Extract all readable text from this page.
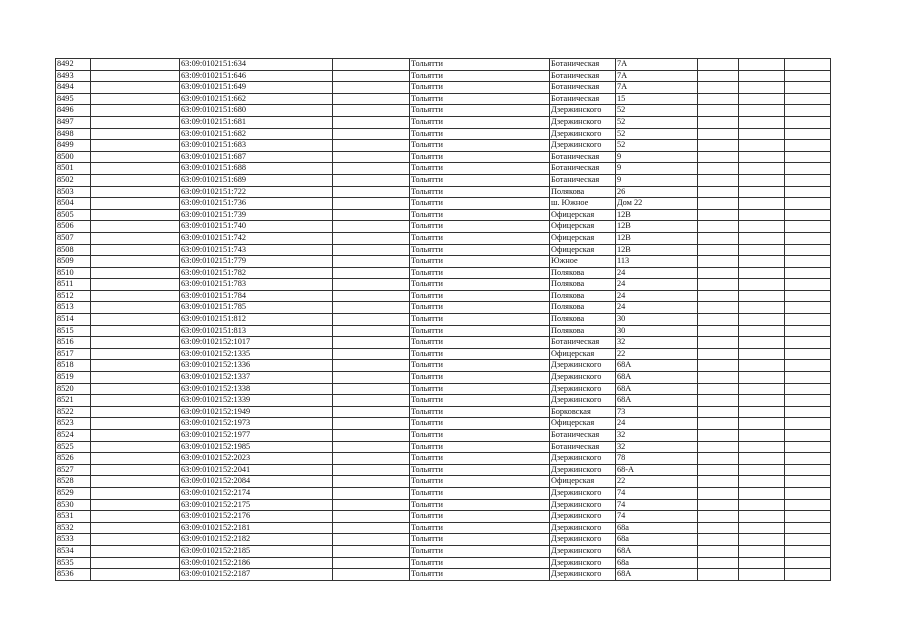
8492		63:09:0102151:634		Тольятти	Ботаническая	7А			
8493		63:09:0102151:646		Тольятти	Ботаническая	7А			
8494		63:09:0102151:649		Тольятти	Ботаническая	7А			
8495		63:09:0102151:662		Тольятти	Ботаническая	15			
8496		63:09:0102151:680		Тольятти	Дзержинского	52			
8497		63:09:0102151:681		Тольятти	Дзержинского	52			
8498		63:09:0102151:682		Тольятти	Дзержинского	52			
8499		63:09:0102151:683		Тольятти	Дзержинского	52			
8500		63:09:0102151:687		Тольятти	Ботаническая	9			
8501		63:09:0102151:688		Тольятти	Ботаническая	9			
8502		63:09:0102151:689		Тольятти	Ботаническая	9			
8503		63:09:0102151:722		Тольятти	Полякова	26			
8504		63:09:0102151:736		Тольятти	ш. Южное	Дом 22			
8505		63:09:0102151:739		Тольятти	Офицерская	12В			
8506		63:09:0102151:740		Тольятти	Офицерская	12В			
8507		63:09:0102151:742		Тольятти	Офицерская	12В			
8508		63:09:0102151:743		Тольятти	Офицерская	12В			
8509		63:09:0102151:779		Тольятти	Южное	113			
8510		63:09:0102151:782		Тольятти	Полякова	24			
8511		63:09:0102151:783		Тольятти	Полякова	24			
8512		63:09:0102151:784		Тольятти	Полякова	24			
8513		63:09:0102151:785		Тольятти	Полякова	24			
8514		63:09:0102151:812		Тольятти	Полякова	30			
8515		63:09:0102151:813		Тольятти	Полякова	30			
8516		63:09:0102152:1017		Тольятти	Ботаническая	32			
8517		63:09:0102152:1335		Тольятти	Офицерская	22			
8518		63:09:0102152:1336		Тольятти	Дзержинского	68А			
8519		63:09:0102152:1337		Тольятти	Дзержинского	68А			
8520		63:09:0102152:1338		Тольятти	Дзержинского	68А			
8521		63:09:0102152:1339		Тольятти	Дзержинского	68А			
8522		63:09:0102152:1949		Тольятти	Борковская	73			
8523		63:09:0102152:1973		Тольятти	Офицерская	24			
8524		63:09:0102152:1977		Тольятти	Ботаническая	32			
8525		63:09:0102152:1985		Тольятти	Ботаническая	32			
8526		63:09:0102152:2023		Тольятти	Дзержинского	78			
8527		63:09:0102152:2041		Тольятти	Дзержинского	68-А			
8528		63:09:0102152:2084		Тольятти	Офицерская	22			
8529		63:09:0102152:2174		Тольятти	Дзержинского	74			
8530		63:09:0102152:2175		Тольятти	Дзержинского	74			
8531		63:09:0102152:2176		Тольятти	Дзержинского	74			
8532		63:09:0102152:2181		Тольятти	Дзержинского	68а			
8533		63:09:0102152:2182		Тольятти	Дзержинского	68а			
8534		63:09:0102152:2185		Тольятти	Дзержинского	68А			
8535		63:09:0102152:2186		Тольятти	Дзержинского	68а			
8536		63:09:0102152:2187		Тольятти	Дзержинского	68А			
